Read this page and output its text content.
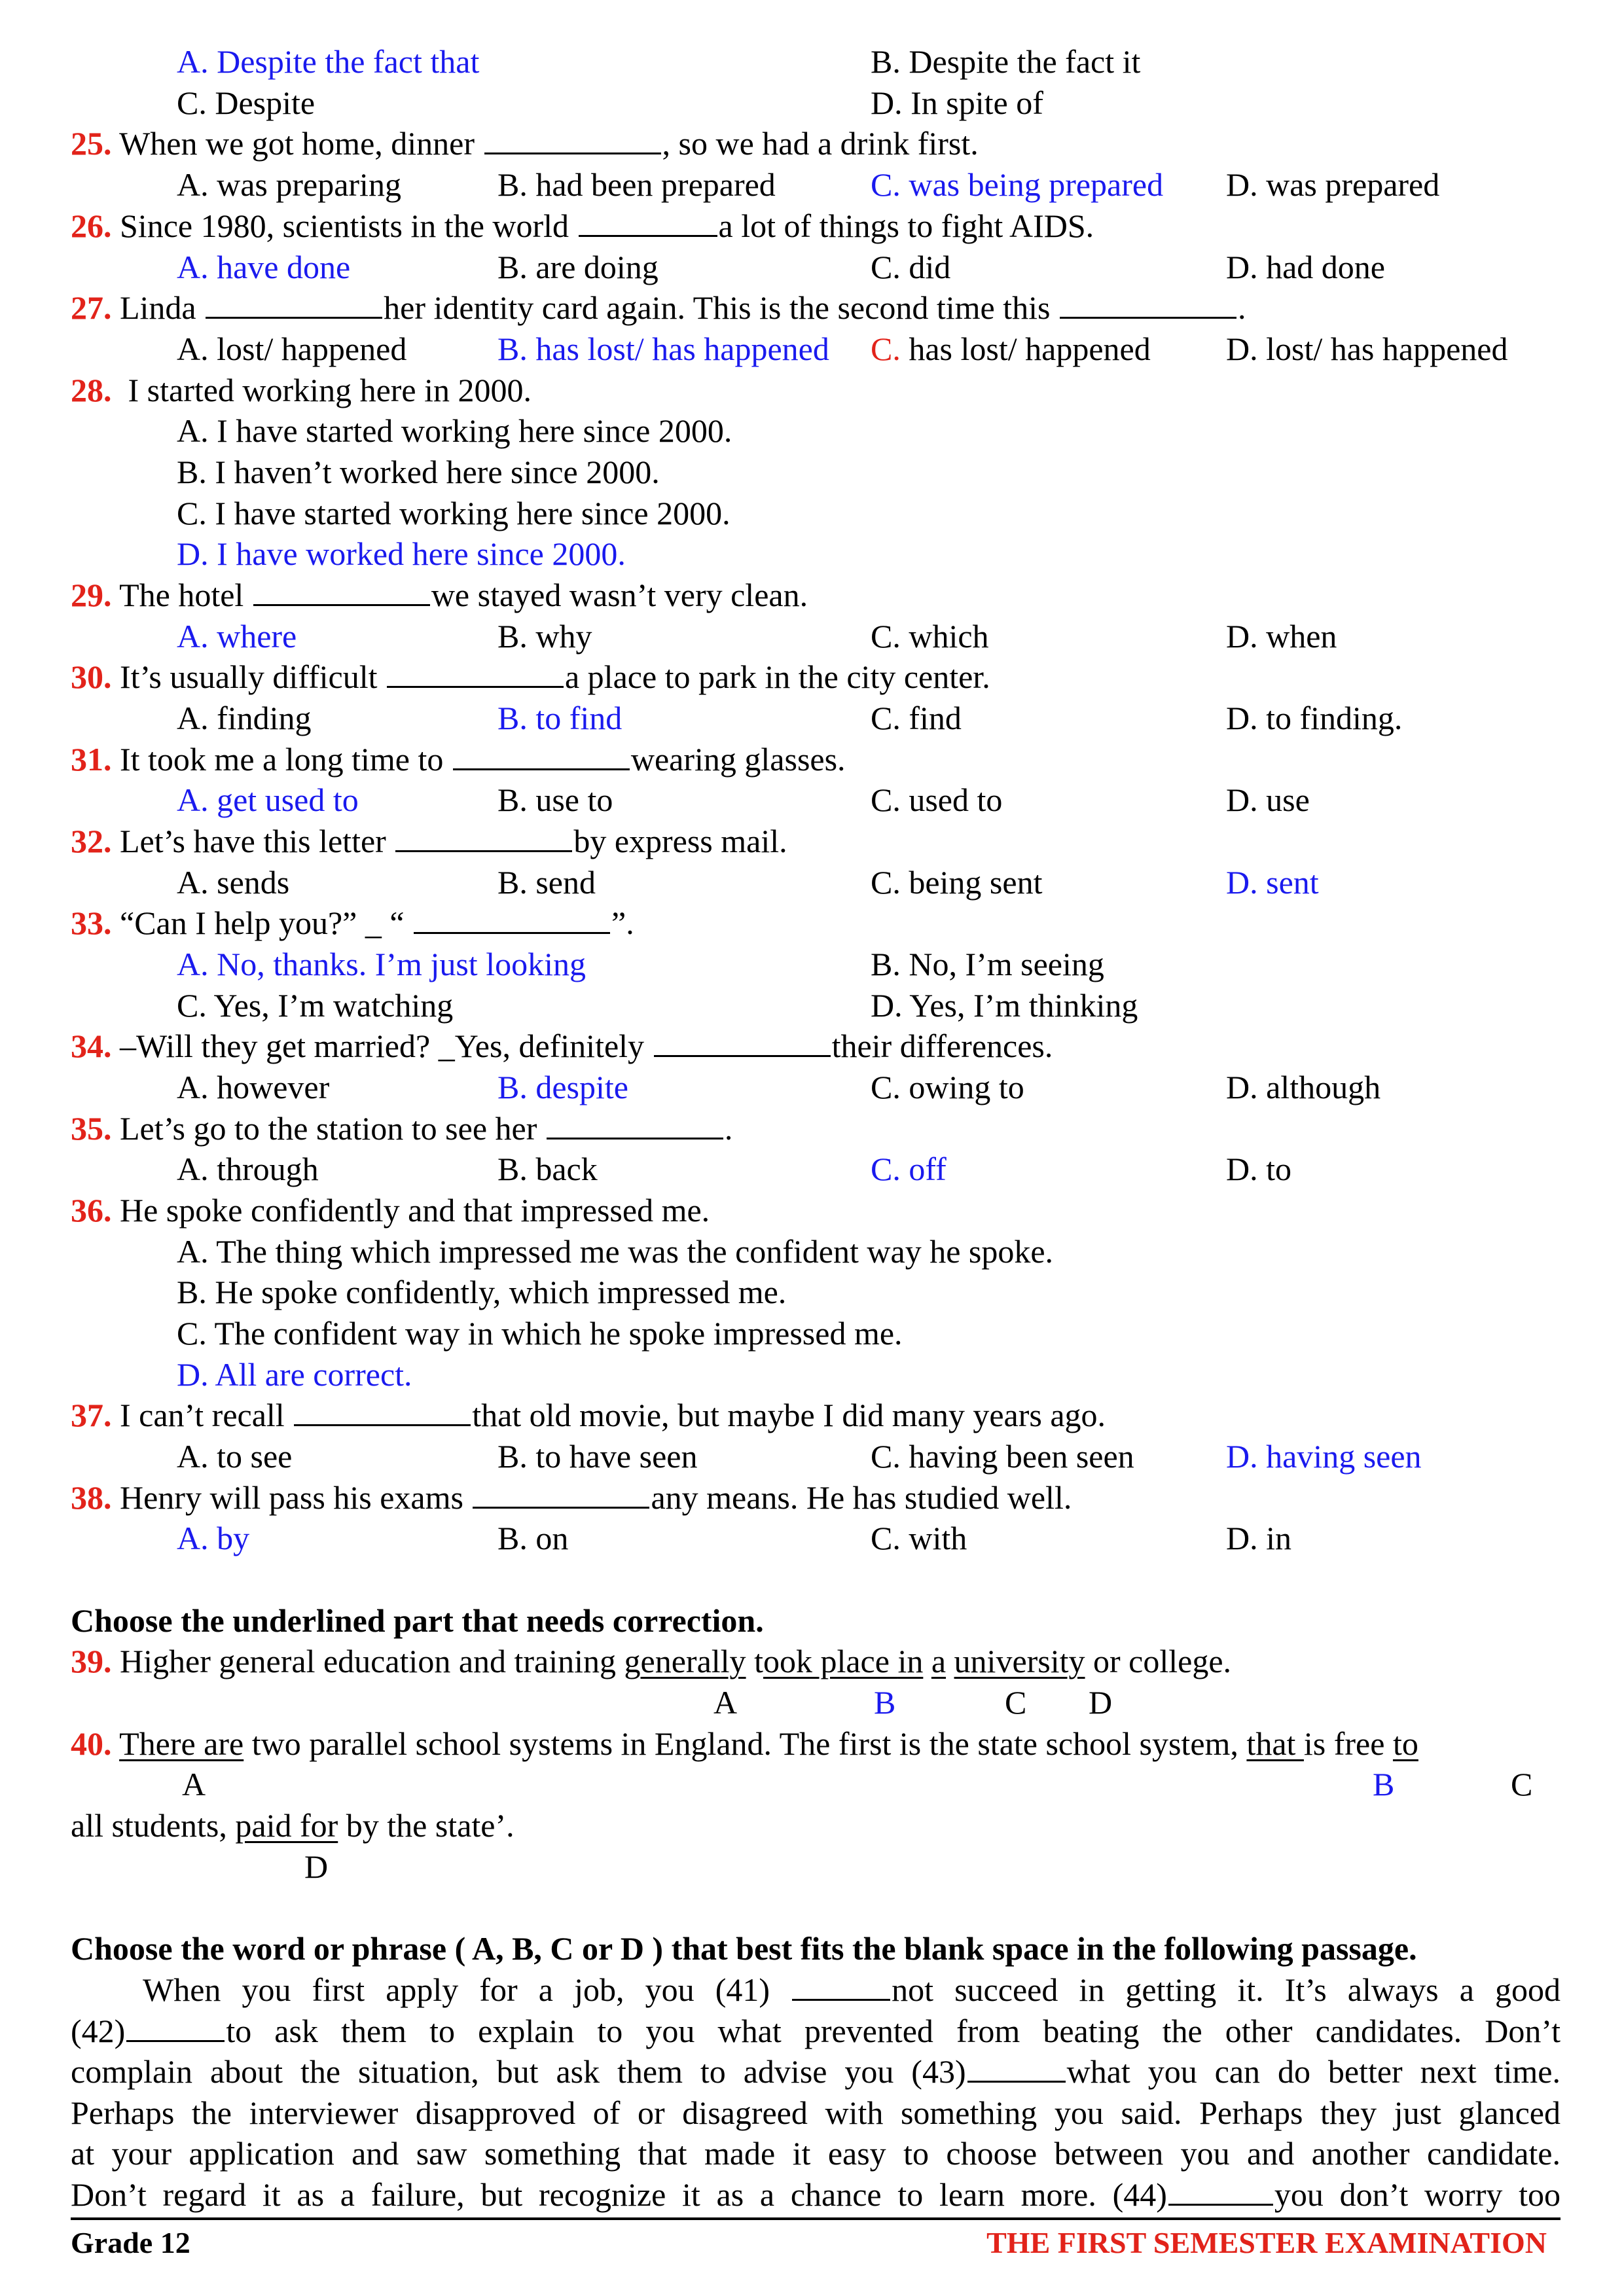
A. Despite the fact that	B. Despite the fact it
C. Despite	D. In spite of
25. When we got home, dinner	, so we had a drink first.
A. was preparing	B. had been prepared	C. was being prepared D. was prepared
26. Since 1980, scientists in the world	a lot of things to fight AIDS.
A. have done	B. are doing	C. did	D. had done
27. Linda	her identity card again. This is the second time this	.
A. lost/ happened	B. has lost/ has happened C. has lost/ happened D. lost/ has happened
28. I started working here in 2000.
A. I have started working here since 2000.
B. I haven’t worked here since 2000.
C. I have started working here since 2000.
D. I have worked here since 2000.
29. The hotel	we stayed wasn’t very clean.
A. where	B. why	C. which	D. when
30. It’s usually difficult	a place to park in the city center.
A. finding	B. to find	C. find	D. to finding.
31. It took me a long time to	wearing glasses.
A. get used to	B. use to	C. used to	D. use
32. Let’s have this letter	by express mail.
A. sends	B. send	C. being sent	D. sent
33. “Can I help you?” _ “	”.
A. No, thanks. I’m just looking	B. No, I’m seeing
C. Yes, I’m watching	D. Yes, I’m thinking
34. –Will they get married? _Yes, definitely	their differences.
A. however	B. despite	C. owing to	D. although
35. Let’s go to the station to see her	.
A. through	B. back	C. off	D. to
36. He spoke confidently and that impressed me.
A. The thing which impressed me was the confident way he spoke.
B. He spoke confidently, which impressed me.
C. The confident way in which he spoke impressed me.
D. All are correct.
37. I can’t recall	that old movie, but maybe I did many years ago.
A. to see	B. to have seen	C. having been seen	D. having seen
38. Henry will pass his exams	any means. He has studied well.
A. by	B. on	C. with	D. in
Choose the underlined part that needs correction.
39. Higher general education and training generally took place in a university or college.
A	B	C D
40. There are two parallel school systems in England. The first is the state school system, that is free to
A	B	C
all students, paid for by the state’.
D
Choose the word or phrase ( A, B, C or D ) that best fits the blank space in the following passage.
When you first apply for a job, you (41)	not succeed in getting it. It’s always a good
(42)	to ask them to explain to you what prevented from beating the other candidates. Don’t
complain about the situation, but ask them to advise you (43)	what you can do better next time.
Perhaps the interviewer disapproved of or disagreed with something you said. Perhaps they just glanced
at your application and saw something that made it easy to choose between you and another candidate.
Don’t regard it as a failure, but recognize it as a chance to learn more. (44)	you don’t worry too
Grade 12	THE FIRST SEMESTER EXAMINATION
